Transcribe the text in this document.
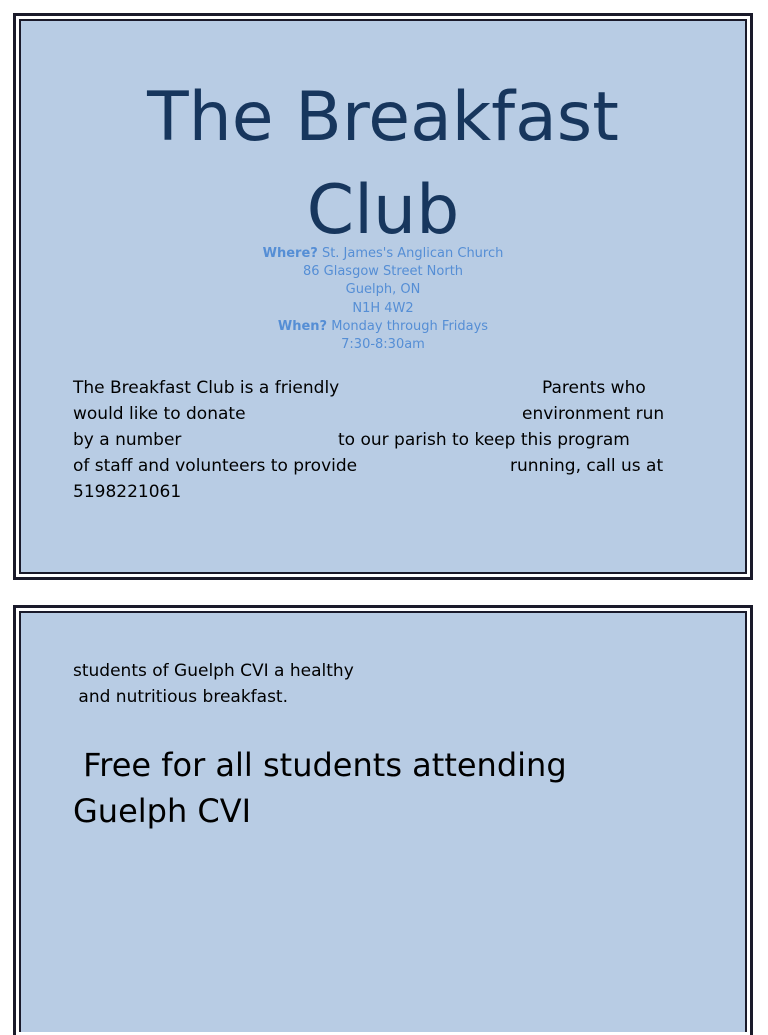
The Breakfast
Club
Where? St. James's Anglican Church
86 Glasgow Street North
Guelph, ON
N1H 4W2
When? Monday through Fridays
7:30-8:30am
The Breakfast Club is a friendly
would like to donate
by a number
of staff and volunteers to provide
5198221061
Parents who
environment run
to our parish to keep this program
running, call us at
students of Guelph CVI a healthy
and nutritious breakfast.
Free for all students attending
Guelph CVI
